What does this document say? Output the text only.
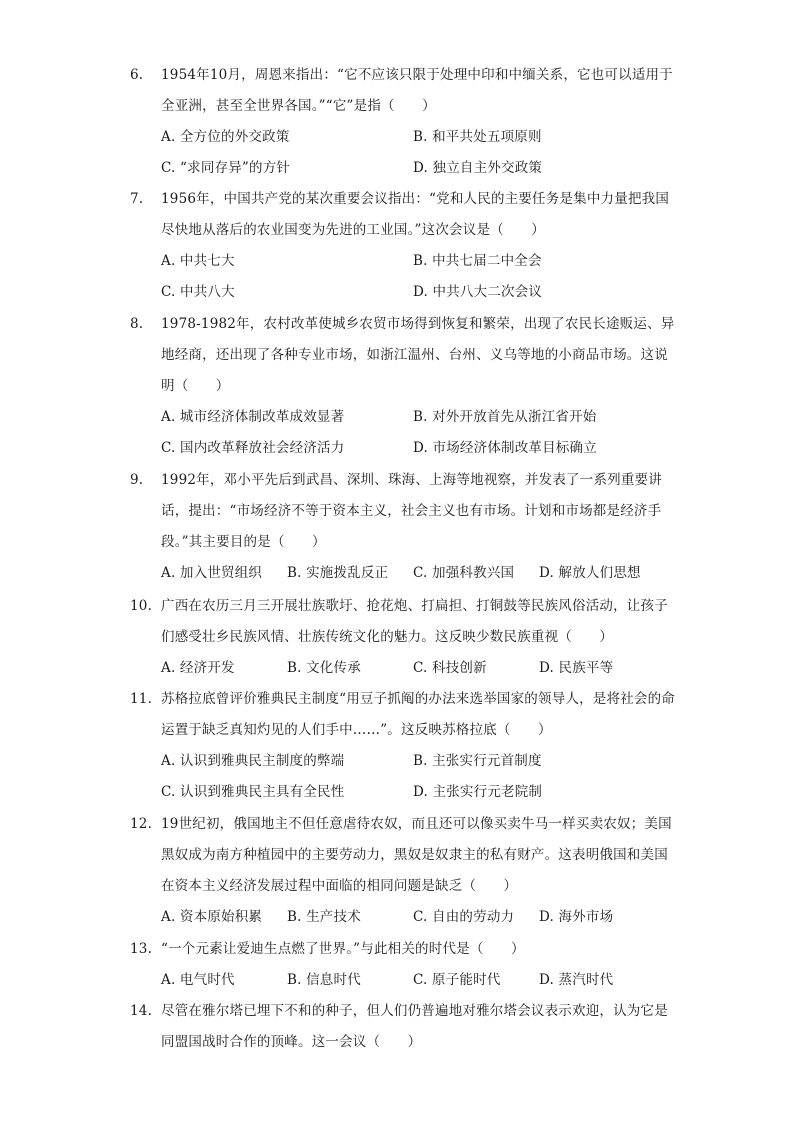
6.	1954年10月，周恩来指出：“它不应该只限于处理中印和中缅关系，它也可以适用于全亚洲，甚至全世界各国。”“它”是指（　　）
A. 全方位的外交政策	B. 和平共处五项原则
C. “求同存异”的方针	D. 独立自主外交政策
7.	1956年，中国共产党的某次重要会议指出：“党和人民的主要任务是集中力量把我国尽快地从落后的农业国变为先进的工业国。”这次会议是（　　）
A. 中共七大	B. 中共七届二中全会
C. 中共八大	D. 中共八大二次会议
8.	1978-1982年，农村改革使城乡农贸市场得到恢复和繁荣，出现了农民长途贩运、异地经商，还出现了各种专业市场，如浙江温州、台州、义乌等地的小商品市场。这说明（　　）
A. 城市经济体制改革成效显著	B. 对外开放首先从浙江省开始
C. 国内改革释放社会经济活力	D. 市场经济体制改革目标确立
9.	1992年，邓小平先后到武昌、深圳、珠海、上海等地视察，并发表了一系列重要讲话，提出：“市场经济不等于资本主义，社会主义也有市场。计划和市场都是经济手段。”其主要目的是（　　）
A. 加入世贸组织	B. 实施拨乱反正	C. 加强科教兴国	D. 解放人们思想
10. 广西在农历三月三开展壮族歌圩、抢花炮、打扁担、打铜鼓等民族风俗活动，让孩子们感受壮乡民族风情、壮族传统文化的魅力。这反映少数民族重视（　　）
A. 经济开发	B. 文化传承	C. 科技创新	D. 民族平等
11. 苏格拉底曾评价雅典民主制度“用豆子抓阄的办法来选举国家的领导人，是将社会的命运置于缺乏真知灼见的人们手中……”。这反映苏格拉底（　　）
A. 认识到雅典民主制度的弊端	B. 主张实行元首制度
C. 认识到雅典民主具有全民性	D. 主张实行元老院制
12. 19世纪初，俄国地主不但任意虐待农奴，而且还可以像买卖牛马一样买卖农奴；美国黑奴成为南方种植园中的主要劳动力，黑奴是奴隶主的私有财产。这表明俄国和美国在资本主义经济发展过程中面临的相同问题是缺乏（　　）
A. 资本原始积累	B. 生产技术	C. 自由的劳动力	D. 海外市场
13. “一个元素让爱迪生点燃了世界。”与此相关的时代是（　　）
A. 电气时代	B. 信息时代	C. 原子能时代	D. 蒸汽时代
14. 尽管在雅尔塔已埋下不和的种子，但人们仍普遍地对雅尔塔会议表示欢迎，认为它是同盟国战时合作的顶峰。这一会议（　　）
